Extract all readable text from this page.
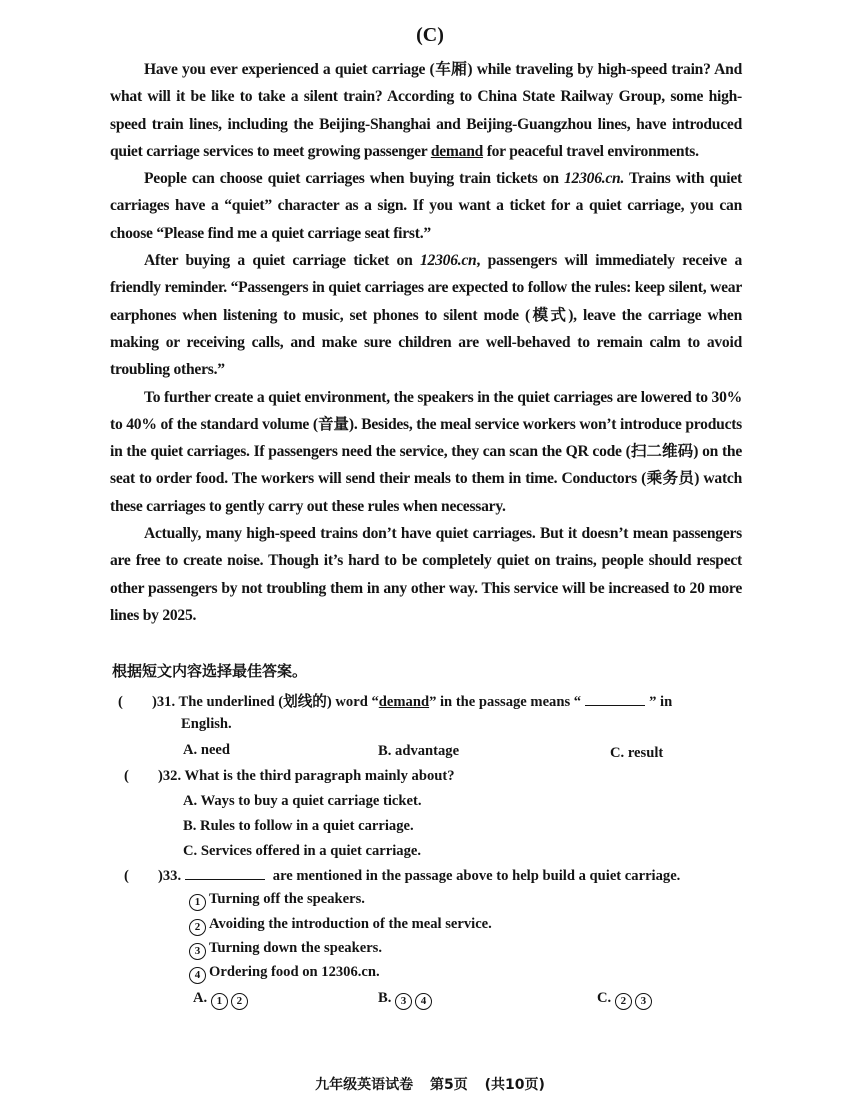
(C)

Have you ever experienced a quiet carriage (车厢) while traveling by high-speed train? And what will it be like to take a silent train? According to China State Railway Group, some high-speed train lines, including the Beijing-Shanghai and Beijing-Guangzhou lines, have introduced quiet carriage services to meet growing passenger demand for peaceful travel environments.

People can choose quiet carriages when buying train tickets on 12306.cn. Trains with quiet carriages have a “quiet” character as a sign. If you want a ticket for a quiet carriage, you can choose “Please find me a quiet carriage seat first.”

After buying a quiet carriage ticket on 12306.cn, passengers will immediately receive a friendly reminder. “Passengers in quiet carriages are expected to follow the rules: keep silent, wear earphones when listening to music, set phones to silent mode (模式), leave the carriage when making or receiving calls, and make sure children are well-behaved to remain calm to avoid troubling others.”

To further create a quiet environment, the speakers in the quiet carriages are lowered to 30% to 40% of the standard volume (音量). Besides, the meal service workers won’t introduce products in the quiet carriages. If passengers need the service, they can scan the QR code (扫二维码) on the seat to order food. The workers will send their meals to them in time. Conductors (乘务员) watch these carriages to gently carry out these rules when necessary.

Actually, many high-speed trains don’t have quiet carriages. But it doesn’t mean passengers are free to create noise. Though it’s hard to be completely quiet on trains, people should respect other passengers by not troubling them in any other way. This service will be increased to 20 more lines by 2025.

根据短文内容选择最佳答案。
( )31. The underlined (划线的) word “demand” in the passage means “	” in
English.
A. need	B. advantage	C. result
( )32. What is the third paragraph mainly about?
A. Ways to buy a quiet carriage ticket.
B. Rules to follow in a quiet carriage.
C. Services offered in a quiet carriage.
( )33.	are mentioned in the passage above to help build a quiet carriage.
1 Turning off the speakers.
2 Avoiding the introduction of the meal service.
3 Turning down the speakers.
4 Ordering food on 12306.cn.
A. 1 2	B. 3 4	C. 2 3
九年级英语试卷 第5页 (共10页)
